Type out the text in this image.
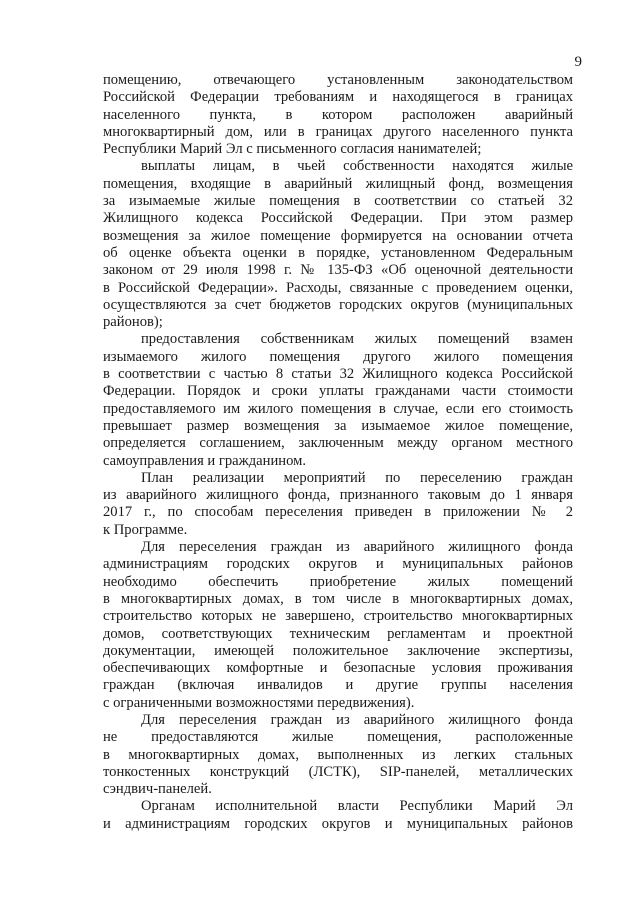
9
помещению, отвечающего установленным законодательством
Российской Федерации требованиям и находящегося в границах
населенного пункта, в котором расположен аварийный
многоквартирный дом, или в границах другого населенного пункта
Республики Марий Эл с письменного согласия нанимателей;
выплаты лицам, в чьей собственности находятся жилые
помещения, входящие в аварийный жилищный фонд, возмещения
за изымаемые жилые помещения в соответствии со статьей 32
Жилищного кодекса Российской Федерации. При этом размер
возмещения за жилое помещение формируется на основании отчета
об оценке объекта оценки в порядке, установленном Федеральным
законом от 29 июля 1998 г. № 135-ФЗ «Об оценочной деятельности
в Российской Федерации». Расходы, связанные с проведением оценки,
осуществляются за счет бюджетов городских округов (муниципальных
районов);
предоставления собственникам жилых помещений взамен
изымаемого жилого помещения другого жилого помещения
в соответствии с частью 8 статьи 32 Жилищного кодекса Российской
Федерации. Порядок и сроки уплаты гражданами части стоимости
предоставляемого им жилого помещения в случае, если его стоимость
превышает размер возмещения за изымаемое жилое помещение,
определяется соглашением, заключенным между органом местного
самоуправления и гражданином.
План реализации мероприятий по переселению граждан
из аварийного жилищного фонда, признанного таковым до 1 января
2017 г., по способам переселения приведен в приложении № 2
к Программе.
Для переселения граждан из аварийного жилищного фонда
администрациям городских округов и муниципальных районов
необходимо обеспечить приобретение жилых помещений
в многоквартирных домах, в том числе в многоквартирных домах,
строительство которых не завершено, строительство многоквартирных
домов, соответствующих техническим регламентам и проектной
документации, имеющей положительное заключение экспертизы,
обеспечивающих комфортные и безопасные условия проживания
граждан (включая инвалидов и другие группы населения
с ограниченными возможностями передвижения).
Для переселения граждан из аварийного жилищного фонда
не предоставляются жилые помещения, расположенные
в многоквартирных домах, выполненных из легких стальных
тонкостенных конструкций (ЛСТК), SIP-панелей, металлических
сэндвич-панелей.
Органам исполнительной власти Республики Марий Эл
и администрациям городских округов и муниципальных районов
